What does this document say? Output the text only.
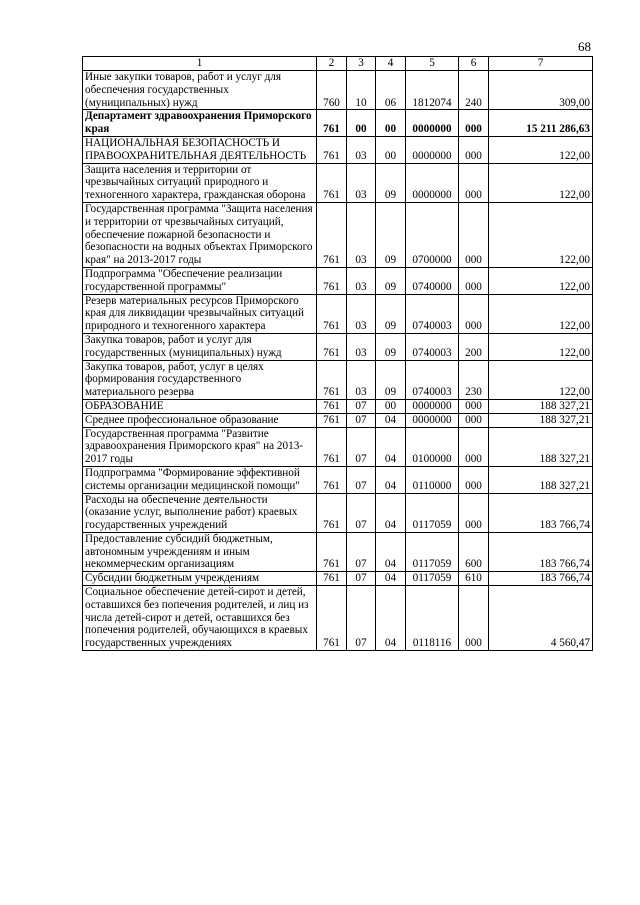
68
1	2	3	4	5	6	7
Иные закупки товаров, работ и услуг для обеспечения государственных (муниципальных) нужд	760	10	06	1812074	240	309,00
Департамент здравоохранения Приморского края	761	00	00	0000000	000	15 211 286,63
НАЦИОНАЛЬНАЯ БЕЗОПАСНОСТЬ И ПРАВООХРАНИТЕЛЬНАЯ ДЕЯТЕЛЬНОСТЬ	761	03	00	0000000	000	122,00
Защита населения и территории от чрезвычайных ситуаций природного и техногенного характера, гражданская оборона	761	03	09	0000000	000	122,00
Государственная программа "Защита населения и территории от чрезвычайных ситуаций, обеспечение пожарной безопасности и безопасности на водных объектах Приморского края" на 2013-2017 годы	761	03	09	0700000	000	122,00
Подпрограмма "Обеспечение реализации государственной программы"	761	03	09	0740000	000	122,00
Резерв материальных ресурсов Приморского края для ликвидации чрезвычайных ситуаций природного и техногенного характера	761	03	09	0740003	000	122,00
Закупка товаров, работ и услуг для государственных (муниципальных) нужд	761	03	09	0740003	200	122,00
Закупка товаров, работ, услуг в целях формирования государственного материального резерва	761	03	09	0740003	230	122,00
ОБРАЗОВАНИЕ	761	07	00	0000000	000	188 327,21
Среднее профессиональное образование	761	07	04	0000000	000	188 327,21
Государственная программа "Развитие здравоохранения Приморского края" на 2013-2017 годы	761	07	04	0100000	000	188 327,21
Подпрограмма "Формирование эффективной системы организации медицинской помощи"	761	07	04	0110000	000	188 327,21
Расходы на обеспечение деятельности (оказание услуг, выполнение работ) краевых государственных учреждений	761	07	04	0117059	000	183 766,74
Предоставление субсидий бюджетным, автономным учреждениям и иным некоммерческим организациям	761	07	04	0117059	600	183 766,74
Субсидии бюджетным учреждениям	761	07	04	0117059	610	183 766,74
Социальное обеспечение детей-сирот и детей, оставшихся без попечения родителей, и лиц из числа детей-сирот и детей, оставшихся без попечения родителей, обучающихся в краевых государственных учреждениях	761	07	04	0118116	000	4 560,47
